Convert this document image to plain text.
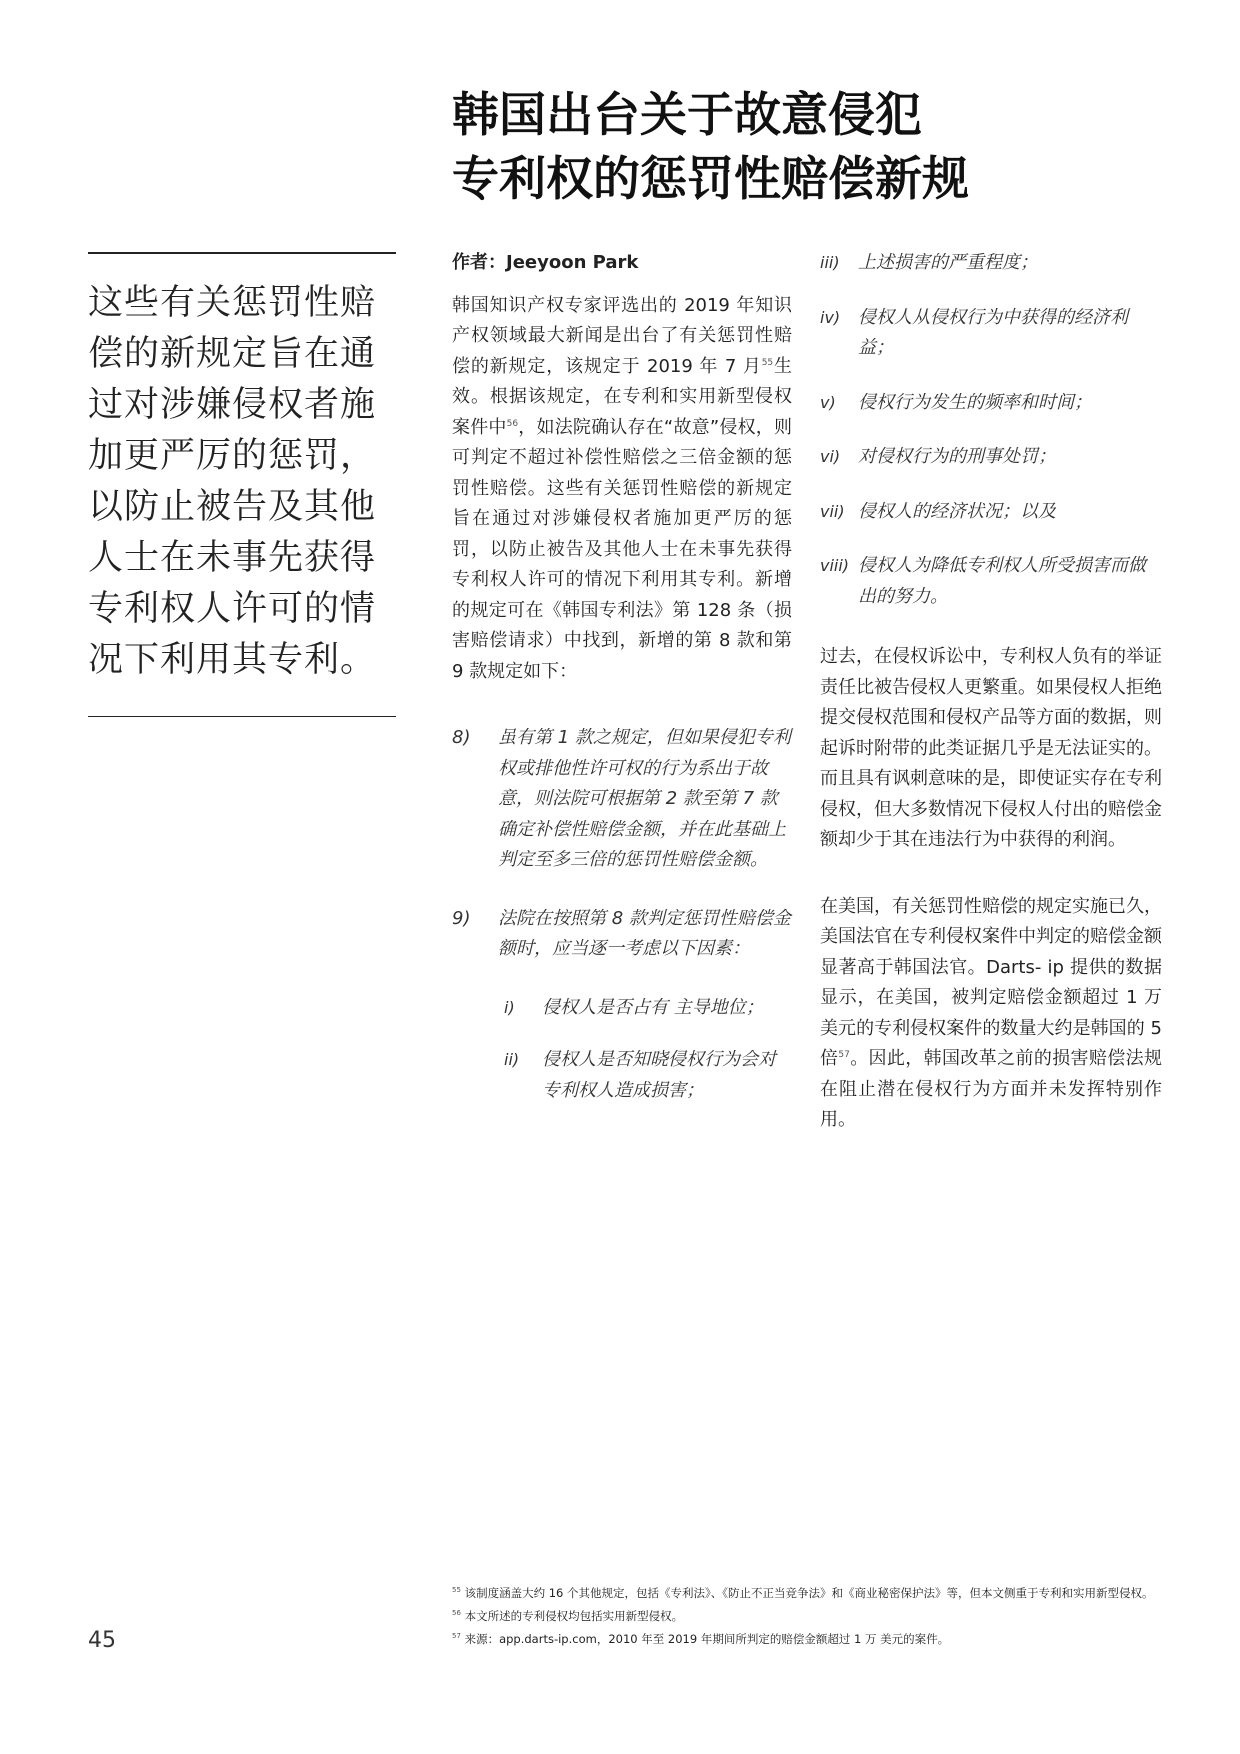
韩国出台关于故意侵犯
专利权的惩罚性赔偿新规

这些有关惩罚性赔偿的新规定旨在通过对涉嫌侵权者施加更严厉的惩罚，以防止被告及其他人士在未事先获得专利权人许可的情况下利用其专利。

作者：Jeeyoon Park

韩国知识产权专家评选出的 2019 年知识产权领域最大新闻是出台了有关惩罚性赔偿的新规定，该规定于 2019 年 7 月$^{55}$生效。根据该规定，在专利和实用新型侵权案件中$^{56}$，如法院确认存在“故意”侵权，则可判定不超过补偿性赔偿之三倍金额的惩罚性赔偿。这些有关惩罚性赔偿的新规定旨在通过对涉嫌侵权者施加更严厉的惩罚，以防止被告及其他人士在未事先获得专利权人许可的情况下利用其专利。新增的规定可在《韩国专利法》第 128 条（损害赔偿请求）中找到，新增的第 8 款和第 9 款规定如下：

8)	虽有第 1 款之规定，但如果侵犯专利权或排他性许可权的行为系出于故意，则法院可根据第 2 款至第 7 款确定补偿性赔偿金额，并在此基础上判定至多三倍的惩罚性赔偿金额。
9)	法院在按照第 8 款判定惩罚性赔偿金额时，应当逐一考虑以下因素：
i)	侵权人是否占有 主导地位；
ii)	侵权人是否知晓侵权行为会对专利权人造成损害；
iii)	上述损害的严重程度；
iv) 侵权人从侵权行为中获得的经济利益；
v)	侵权行为发生的频率和时间；
vi) 对侵权行为的刑事处罚；
vii) 侵权人的经济状况；以及
viii) 侵权人为降低专利权人所受损害而做出的努力。

过去，在侵权诉讼中，专利权人负有的举证责任比被告侵权人更繁重。如果侵权人拒绝提交侵权范围和侵权产品等方面的数据，则起诉时附带的此类证据几乎是无法证实的。而且具有讽刺意味的是，即使证实存在专利侵权，但大多数情况下侵权人付出的赔偿金额却少于其在违法行为中获得的利润。

在美国，有关惩罚性赔偿的规定实施已久，美国法官在专利侵权案件中判定的赔偿金额显著高于韩国法官。Darts- ip 提供的数据显示，在美国，被判定赔偿金额超过 1 万美元的专利侵权案件的数量大约是韩国的 5 倍$^{57}$。因此，韩国改革之前的损害赔偿法规在阻止潜在侵权行为方面并未发挥特别作用。

$^{55}$ 该制度涵盖大约 16 个其他规定，包括《专利法》、《防止不正当竞争法》和《商业秘密保护法》等，但本文侧重于专利和实用新型侵权。

$^{56}$ 本文所述的专利侵权均包括实用新型侵权。

$^{57}$ 来源：app.darts-ip.com，2010 年至 2019 年期间所判定的赔偿金额超过 1 万 美元的案件。

45
